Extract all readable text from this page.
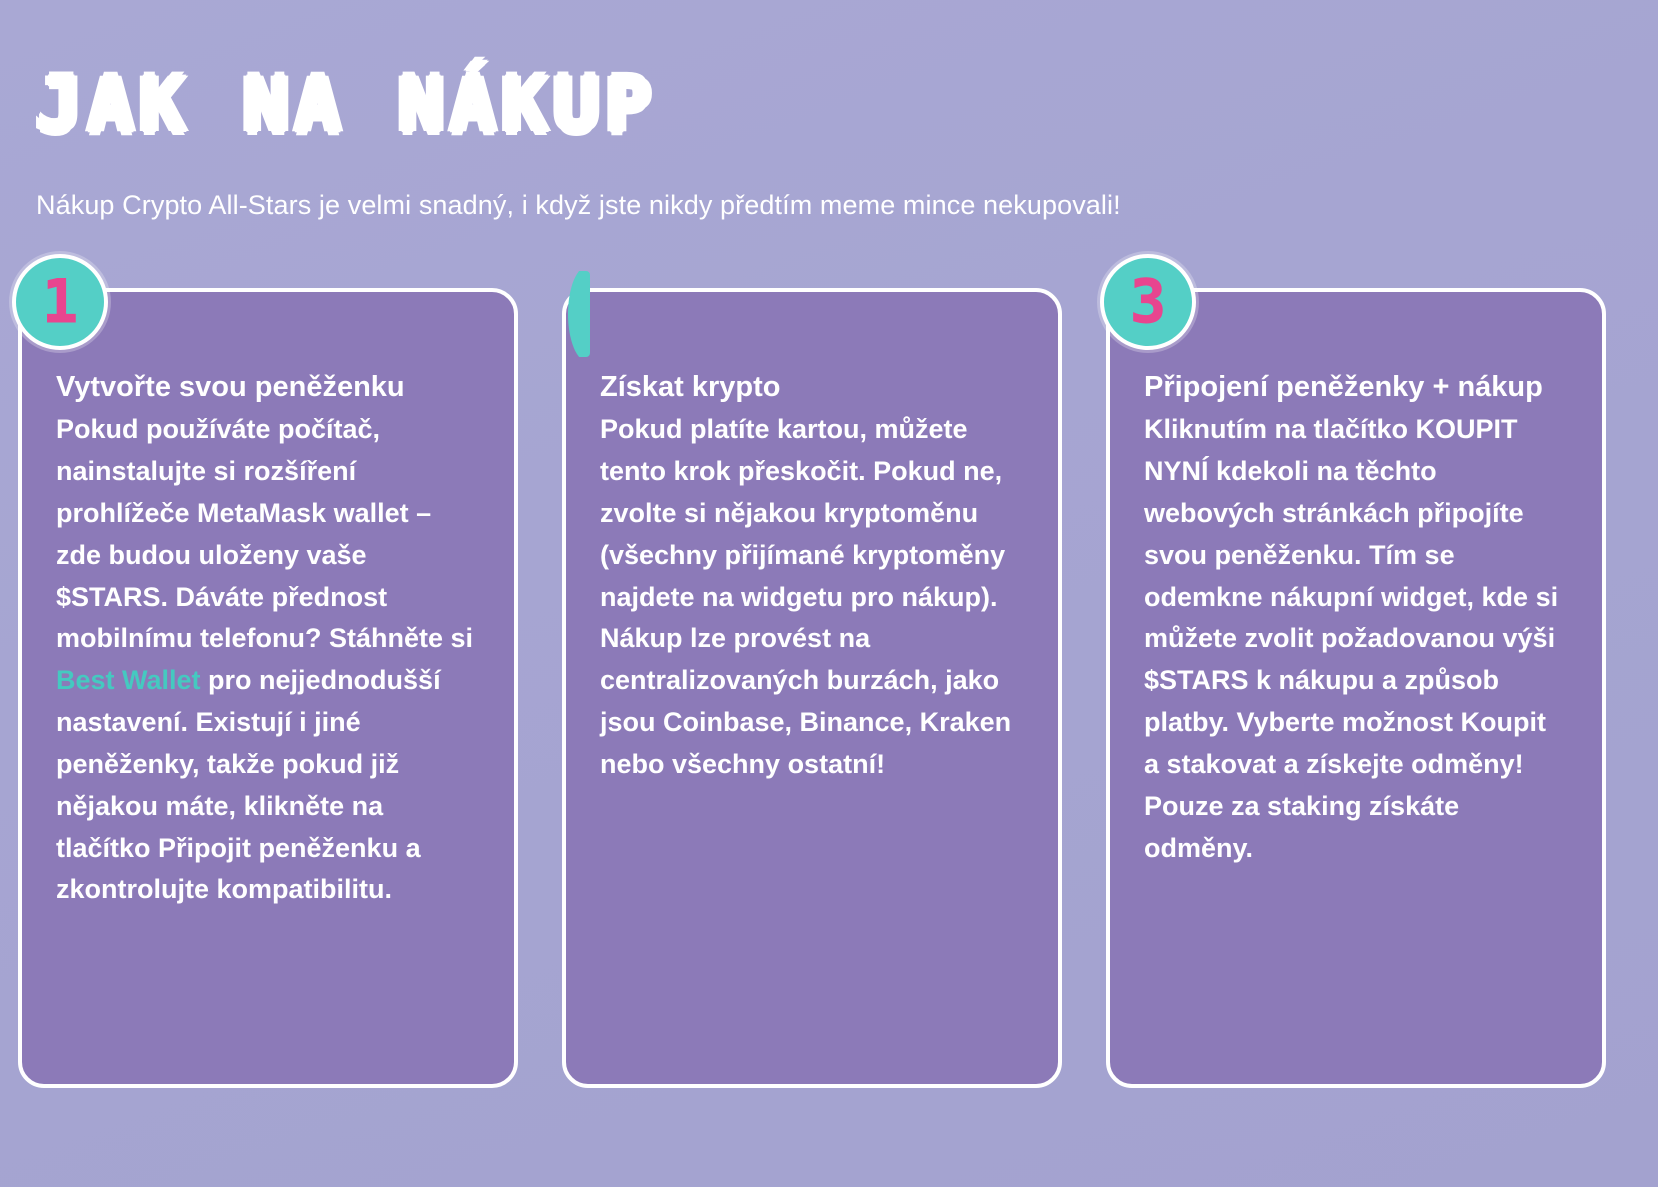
JAK NA NÁKUP

Nákup Crypto All-Stars je velmi snadný, i když jste nikdy předtím meme mince nekupovali!

1
Vytvořte svou peněženku

Pokud používáte počítač, nainstalujte si rozšíření prohlížeče MetaMask wallet – zde budou uloženy vaše $STARS. Dáváte přednost mobilnímu telefonu? Stáhněte si Best Wallet pro nejjednodušší nastavení. Existují i jiné peněženky, takže pokud již nějakou máte, klikněte na tlačítko Připojit peněženku a zkontrolujte kompatibilitu.

Získat krypto

Pokud platíte kartou, můžete tento krok přeskočit. Pokud ne, zvolte si nějakou kryptoměnu (všechny přijímané kryptoměny najdete na widgetu pro nákup). Nákup lze provést na centralizovaných burzách, jako jsou Coinbase, Binance, Kraken nebo všechny ostatní!

3
Připojení peněženky + nákup

Kliknutím na tlačítko KOUPIT NYNÍ kdekoli na těchto webových stránkách připojíte svou peněženku. Tím se odemkne nákupní widget, kde si můžete zvolit požadovanou výši $STARS k nákupu a způsob platby. Vyberte možnost Koupit a stakovat a získejte odměny! Pouze za staking získáte odměny.
